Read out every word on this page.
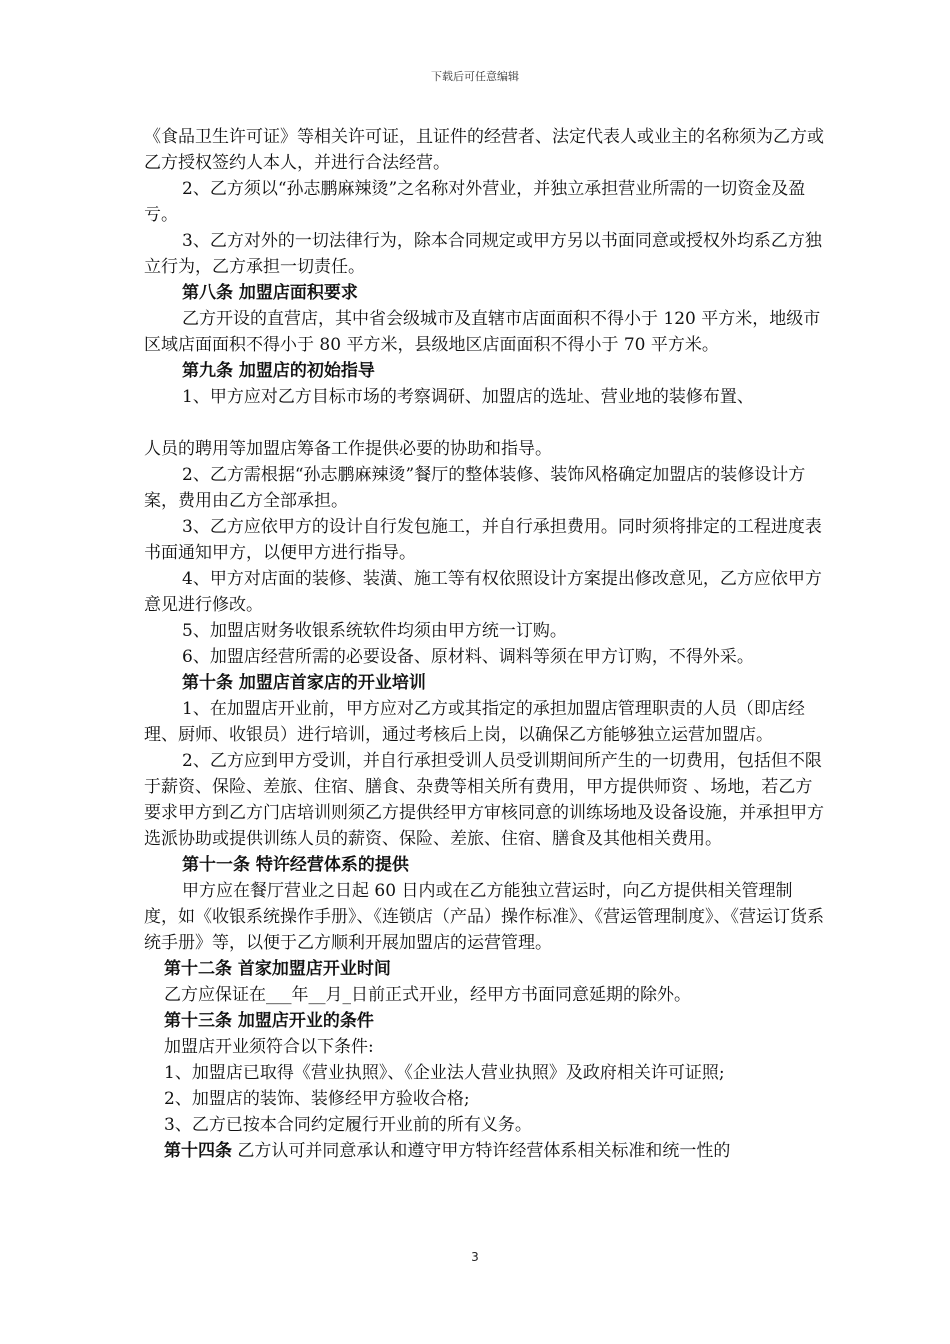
下载后可任意编辑
《食品卫生许可证》等相关许可证，且证件的经营者、法定代表人或业主的名称须为乙方或乙方授权签约人本人，并进行合法经营。
2、乙方须以“孙志鹏麻辣烫”之名称对外营业，并独立承担营业所需的一切资金及盈亏。
3、乙方对外的一切法律行为，除本合同规定或甲方另以书面同意或授权外均系乙方独立行为，乙方承担一切责任。
第八条 加盟店面积要求
乙方开设的直营店，其中省会级城市及直辖市店面面积不得小于 120 平方米，地级市区域店面面积不得小于 80 平方米，县级地区店面面积不得小于 70 平方米。
第九条 加盟店的初始指导
1、甲方应对乙方目标市场的考察调研、加盟店的选址、营业地的装修布置、
人员的聘用等加盟店筹备工作提供必要的协助和指导。
2、乙方需根据“孙志鹏麻辣烫”餐厅的整体装修、装饰风格确定加盟店的装修设计方案，费用由乙方全部承担。
3、乙方应依甲方的设计自行发包施工，并自行承担费用。同时须将排定的工程进度表书面通知甲方，以便甲方进行指导。
4、甲方对店面的装修、装潢、施工等有权依照设计方案提出修改意见，乙方应依甲方意见进行修改。
5、加盟店财务收银系统软件均须由甲方统一订购。
6、加盟店经营所需的必要设备、原材料、调料等须在甲方订购，不得外采。
第十条 加盟店首家店的开业培训
1、在加盟店开业前，甲方应对乙方或其指定的承担加盟店管理职责的人员（即店经理、厨师、收银员）进行培训，通过考核后上岗，以确保乙方能够独立运营加盟店。
2、乙方应到甲方受训，并自行承担受训人员受训期间所产生的一切费用，包括但不限于薪资、保险、差旅、住宿、膳食、杂费等相关所有费用，甲方提供师资 、场地，若乙方要求甲方到乙方门店培训则须乙方提供经甲方审核同意的训练场地及设备设施，并承担甲方选派协助或提供训练人员的薪资、保险、差旅、住宿、膳食及其他相关费用。
第十一条 特许经营体系的提供
甲方应在餐厅营业之日起 60 日内或在乙方能独立营运时，向乙方提供相关管理制度，如《收银系统操作手册》、《连锁店（产品）操作标准》、《营运管理制度》、《营运订货系统手册》等，以便于乙方顺利开展加盟店的运营管理。
第十二条 首家加盟店开业时间
乙方应保证在___年__月_日前正式开业，经甲方书面同意延期的除外。
第十三条 加盟店开业的条件
加盟店开业须符合以下条件:
1、加盟店已取得《营业执照》、《企业法人营业执照》及政府相关许可证照;
2、加盟店的装饰、装修经甲方验收合格;
3、乙方已按本合同约定履行开业前的所有义务。
第十四条 乙方认可并同意承认和遵守甲方特许经营体系相关标准和统一性的
3
